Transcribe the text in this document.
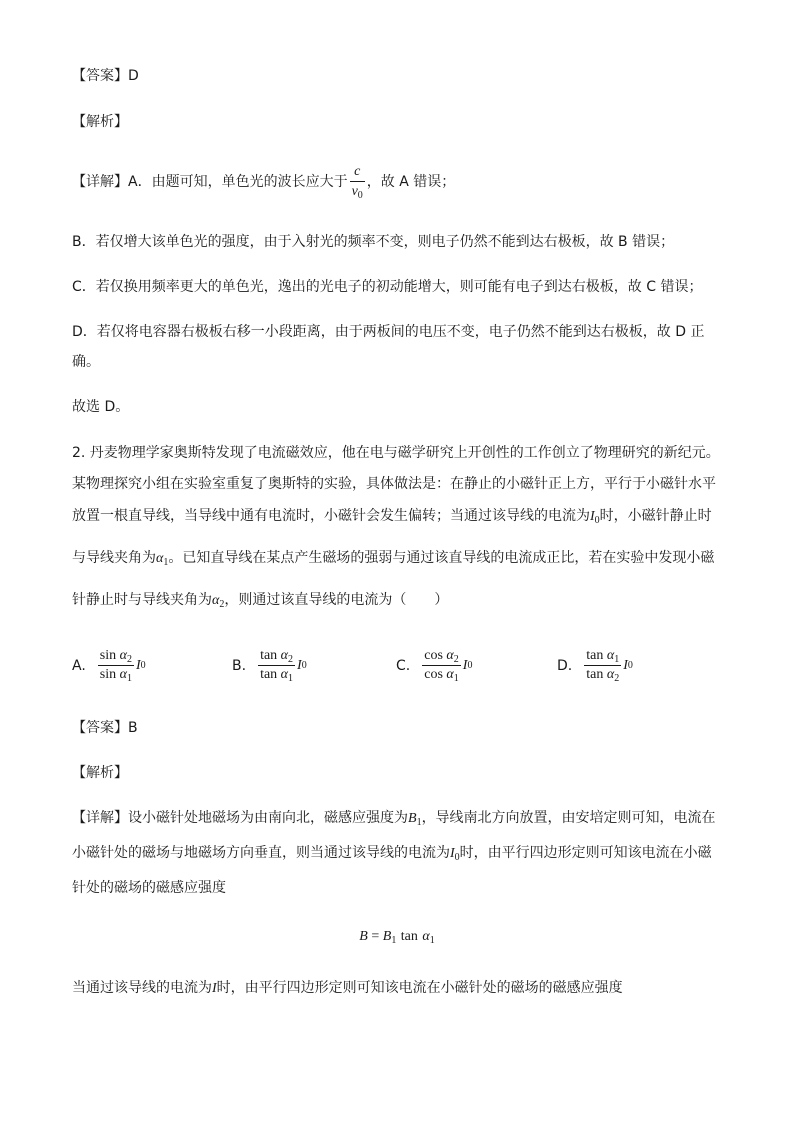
【答案】D
【解析】
【详解】A．由题可知，单色光的波长应大于 $\frac{c}{\nu_0}$ ，故 A 错误；
B．若仅增大该单色光的强度，由于入射光的频率不变，则电子仍然不能到达右极板，故 B 错误；
C．若仅换用频率更大的单色光，逸出的光电子的初动能增大，则可能有电子到达右极板，故 C 错误；
D．若仅将电容器右极板右移一小段距离，由于两板间的电压不变，电子仍然不能到达右极板，故 D 正
确。
故选 D。
2. 丹麦物理学家奥斯特发现了电流磁效应，他在电与磁学研究上开创性的工作创立了物理研究的新纪元。
某物理探究小组在实验室重复了奥斯特的实验，具体做法是：在静止的小磁针正上方，平行于小磁针水平
放置一根直导线，当导线中通有电流时，小磁针会发生偏转；当通过该导线的电流为$I_0$时，小磁针静止时
与导线夹角为$\alpha_1$。已知直导线在某点产生磁场的强弱与通过该直导线的电流成正比，若在实验中发现小磁
针静止时与导线夹角为$\alpha_2$，则通过该直导线的电流为（　　）
A. $\frac{\sin \alpha_2}{\sin \alpha_1}$ I 0	B. $\frac{\tan \alpha_2}{\tan \alpha_1}$ I 0	C. $\frac{\cos \alpha_2}{\cos \alpha_1}$ I 0	D. $\frac{\tan \alpha_1}{\tan \alpha_2}$ I 0
【答案】B
【解析】
【详解】设小磁针处地磁场为由南向北，磁感应强度为$B_1$，导线南北方向放置，由安培定则可知，电流在
小磁针处的磁场与地磁场方向垂直，则当通过该导线的电流为$I_0$时，由平行四边形定则可知该电流在小磁
针处的磁场的磁感应强度
$B = B_1$ $\tan \alpha_1$
当通过该导线的电流为I时，由平行四边形定则可知该电流在小磁针处的磁场的磁感应强度
